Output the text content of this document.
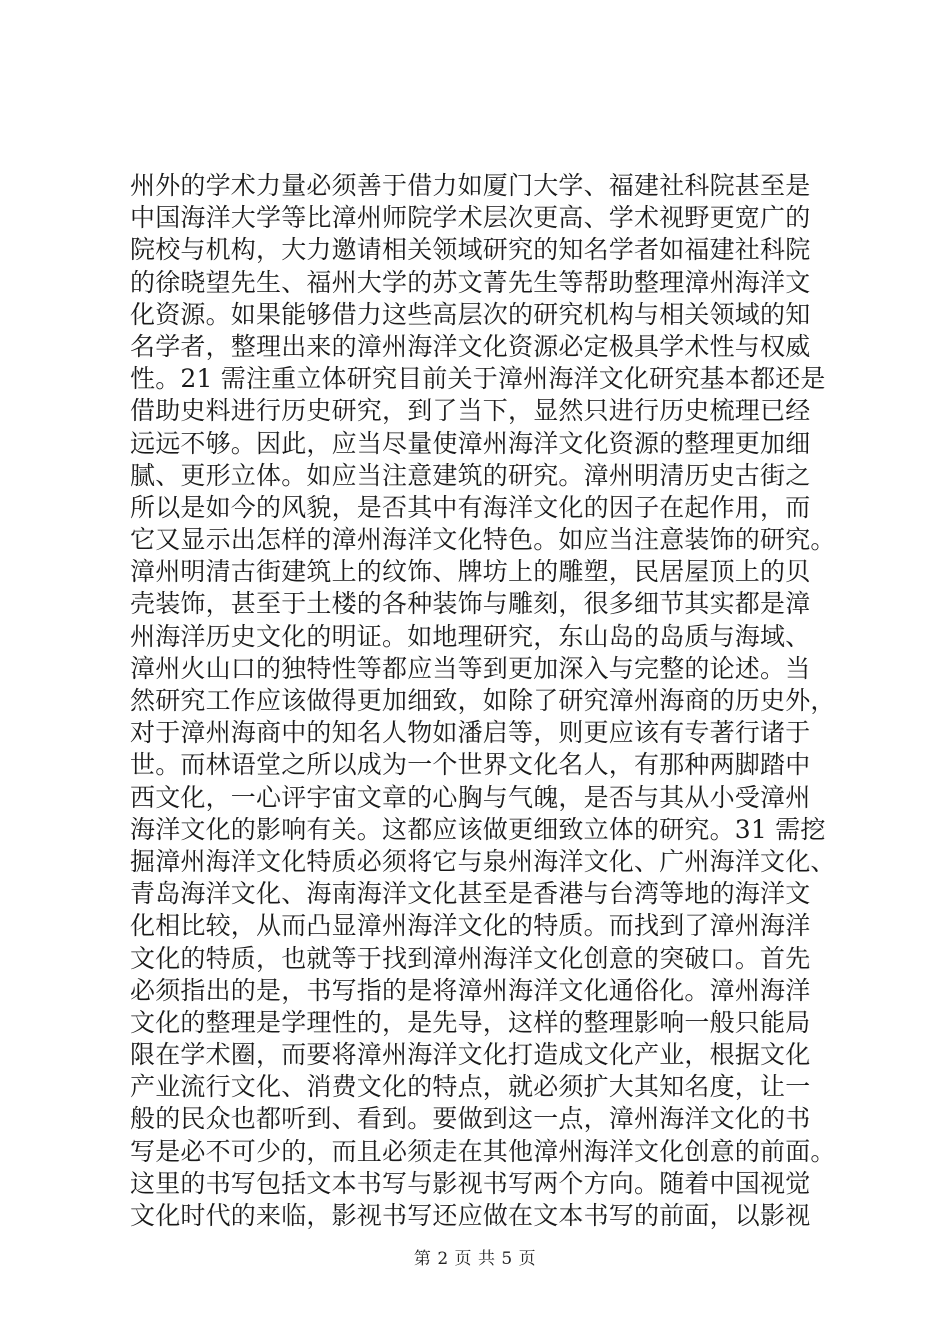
州外的学术力量必须善于借力如厦门大学、福建社科院甚至是
中国海洋大学等比漳州师院学术层次更高、学术视野更宽广的
院校与机构，大力邀请相关领域研究的知名学者如福建社科院
的徐晓望先生、福州大学的苏文菁先生等帮助整理漳州海洋文
化资源。如果能够借力这些高层次的研究机构与相关领域的知
名学者，整理出来的漳州海洋文化资源必定极具学术性与权威
性。21 需注重立体研究目前关于漳州海洋文化研究基本都还是
借助史料进行历史研究，到了当下，显然只进行历史梳理已经
远远不够。因此，应当尽量使漳州海洋文化资源的整理更加细
腻、更形立体。如应当注意建筑的研究。漳州明清历史古街之
所以是如今的风貌，是否其中有海洋文化的因子在起作用，而
它又显示出怎样的漳州海洋文化特色。如应当注意装饰的研究。
漳州明清古街建筑上的纹饰、牌坊上的雕塑，民居屋顶上的贝
壳装饰，甚至于土楼的各种装饰与雕刻，很多细节其实都是漳
州海洋历史文化的明证。如地理研究，东山岛的岛质与海域、
漳州火山口的独特性等都应当等到更加深入与完整的论述。当
然研究工作应该做得更加细致，如除了研究漳州海商的历史外，
对于漳州海商中的知名人物如潘启等，则更应该有专著行诸于
世。而林语堂之所以成为一个世界文化名人，有那种两脚踏中
西文化，一心评宇宙文章的心胸与气魄，是否与其从小受漳州
海洋文化的影响有关。这都应该做更细致立体的研究。31 需挖
掘漳州海洋文化特质必须将它与泉州海洋文化、广州海洋文化、
青岛海洋文化、海南海洋文化甚至是香港与台湾等地的海洋文
化相比较，从而凸显漳州海洋文化的特质。而找到了漳州海洋
文化的特质，也就等于找到漳州海洋文化创意的突破口。首先
必须指出的是，书写指的是将漳州海洋文化通俗化。漳州海洋
文化的整理是学理性的，是先导，这样的整理影响一般只能局
限在学术圈，而要将漳州海洋文化打造成文化产业，根据文化
产业流行文化、消费文化的特点，就必须扩大其知名度，让一
般的民众也都听到、看到。要做到这一点，漳州海洋文化的书
写是必不可少的，而且必须走在其他漳州海洋文化创意的前面。
这里的书写包括文本书写与影视书写两个方向。随着中国视觉
文化时代的来临，影视书写还应做在文本书写的前面，以影视
第 2 页 共 5 页
